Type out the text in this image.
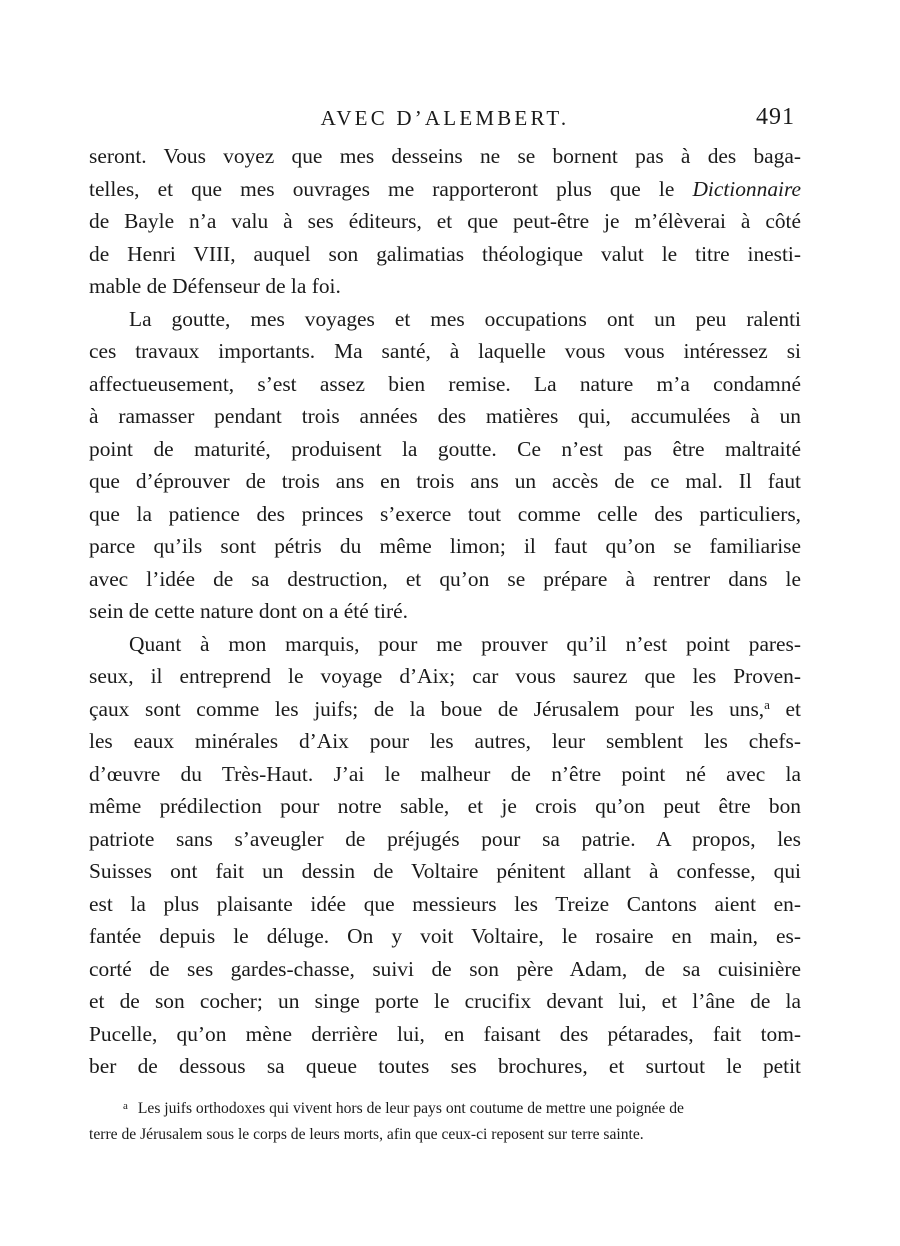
AVEC D’ALEMBERT.	491
seront. Vous voyez que mes desseins ne se bornent pas à des baga-
telles, et que mes ouvrages me rapporteront plus que le Dictionnaire
de Bayle n’a valu à ses éditeurs, et que peut-être je m’élèverai à côté
de Henri VIII, auquel son galimatias théologique valut le titre inesti-
mable de Défenseur de la foi.
La goutte, mes voyages et mes occupations ont un peu ralenti
ces travaux importants. Ma santé, à laquelle vous vous intéressez si
affectueusement, s’est assez bien remise. La nature m’a condamné
à ramasser pendant trois années des matières qui, accumulées à un
point de maturité, produisent la goutte. Ce n’est pas être maltraité
que d’éprouver de trois ans en trois ans un accès de ce mal. Il faut
que la patience des princes s’exerce tout comme celle des particuliers,
parce qu’ils sont pétris du même limon; il faut qu’on se familiarise
avec l’idée de sa destruction, et qu’on se prépare à rentrer dans le
sein de cette nature dont on a été tiré.
Quant à mon marquis, pour me prouver qu’il n’est point pares-
seux, il entreprend le voyage d’Aix; car vous saurez que les Proven-
çaux sont comme les juifs; de la boue de Jérusalem pour les uns,$^a$ et
les eaux minérales d’Aix pour les autres, leur semblent les chefs-
d’œuvre du Très-Haut. J’ai le malheur de n’être point né avec la
même prédilection pour notre sable, et je crois qu’on peut être bon
patriote sans s’aveugler de préjugés pour sa patrie. A propos, les
Suisses ont fait un dessin de Voltaire pénitent allant à confesse, qui
est la plus plaisante idée que messieurs les Treize Cantons aient en-
fantée depuis le déluge. On y voit Voltaire, le rosaire en main, es-
corté de ses gardes-chasse, suivi de son père Adam, de sa cuisinière
et de son cocher; un singe porte le crucifix devant lui, et l’âne de la
Pucelle, qu’on mène derrière lui, en faisant des pétarades, fait tom-
ber de dessous sa queue toutes ses brochures, et surtout le petit
$^a$ Les juifs orthodoxes qui vivent hors de leur pays ont coutume de mettre une poignée de
terre de Jérusalem sous le corps de leurs morts, afin que ceux-ci reposent sur terre sainte.
